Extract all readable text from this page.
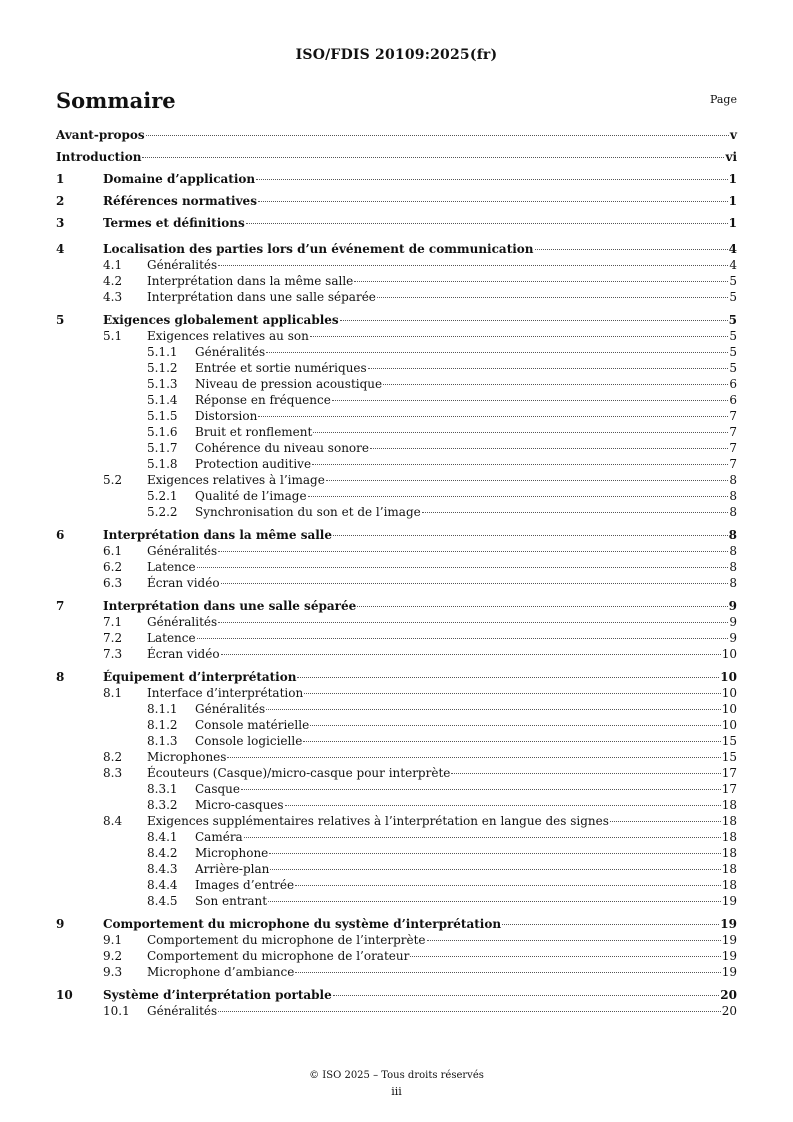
ISO/FDIS 20109:2025(fr)
Sommaire	Page
Avant-propos	v
Introduction	vi
1	Domaine d’application	1
2	Références normatives	1
3	Termes et définitions	1
4	Localisation des parties lors d’un événement de communication	4
4.1	Généralités	4
4.2	Interprétation dans la même salle	5
4.3	Interprétation dans une salle séparée	5
5	Exigences globalement applicables	5
5.1	Exigences relatives au son	5
5.1.1	Généralités	5
5.1.2	Entrée et sortie numériques	5
5.1.3	Niveau de pression acoustique	6
5.1.4	Réponse en fréquence	6
5.1.5	Distorsion	7
5.1.6	Bruit et ronflement	7
5.1.7	Cohérence du niveau sonore	7
5.1.8	Protection auditive	7
5.2	Exigences relatives à l’image	8
5.2.1	Qualité de l’image	8
5.2.2	Synchronisation du son et de l’image	8
6	Interprétation dans la même salle	8
6.1	Généralités	8
6.2	Latence	8
6.3	Écran vidéo	8
7	Interprétation dans une salle séparée	9
7.1	Généralités	9
7.2	Latence	9
7.3	Écran vidéo	10
8	Équipement d’interprétation	10
8.1	Interface d’interprétation	10
8.1.1	Généralités	10
8.1.2	Console matérielle	10
8.1.3	Console logicielle	15
8.2	Microphones	15
8.3	Écouteurs (Casque)/micro-casque pour interprète	17
8.3.1	Casque	17
8.3.2	Micro-casques	18
8.4	Exigences supplémentaires relatives à l’interprétation en langue des signes	18
8.4.1	Caméra	18
8.4.2	Microphone	18
8.4.3	Arrière-plan	18
8.4.4	Images d’entrée	18
8.4.5	Son entrant	19
9	Comportement du microphone du système d’interprétation	19
9.1	Comportement du microphone de l’interprète	19
9.2	Comportement du microphone de l’orateur	19
9.3	Microphone d’ambiance	19
10	Système d’interprétation portable	20
10.1	Généralités	20
© ISO 2025 – Tous droits réservés
iii
